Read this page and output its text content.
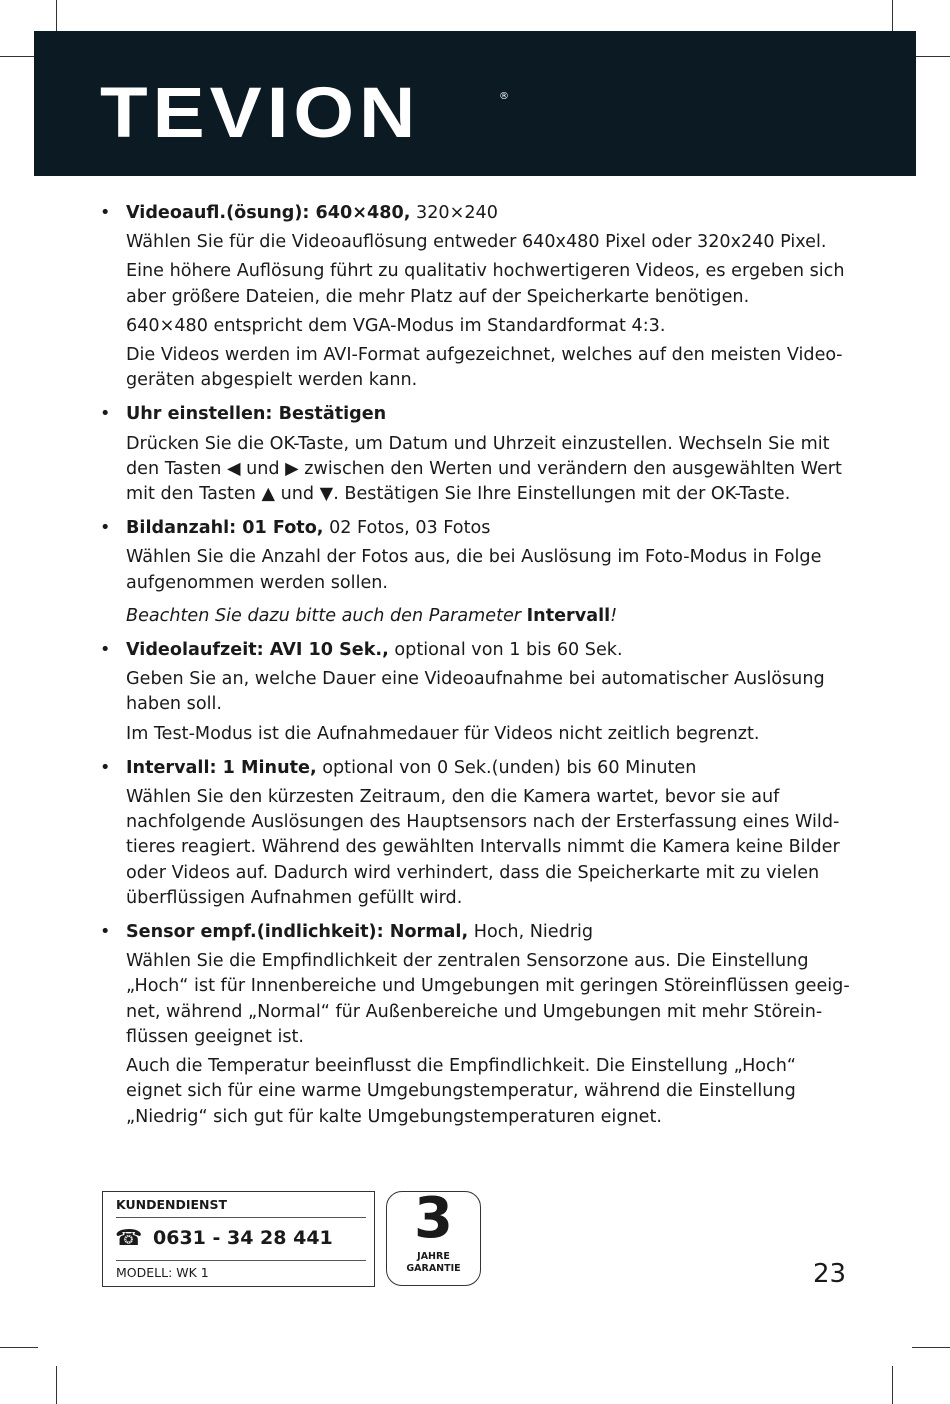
TEVION	®
• Videoaufl.(ösung): 640×480, 320×240

Wählen Sie für die Videoauflösung entweder 640x480 Pixel oder 320x240 Pixel.

Eine höhere Auflösung führt zu qualitativ hochwertigeren Videos, es ergeben sich aber größere Dateien, die mehr Platz auf der Speicherkarte benötigen.

640×480 entspricht dem VGA-Modus im Standardformat 4:3.

Die Videos werden im AVI-Format aufgezeichnet, welches auf den meisten Videogeräten abgespielt werden kann.

• Uhr einstellen: Bestätigen

Drücken Sie die OK-Taste, um Datum und Uhrzeit einzustellen. Wechseln Sie mit den Tasten ◀ und ▶ zwischen den Werten und verändern den ausgewählten Wert mit den Tasten ▲ und ▼. Bestätigen Sie Ihre Einstellungen mit der OK-Taste.

• Bildanzahl: 01 Foto, 02 Fotos, 03 Fotos

Wählen Sie die Anzahl der Fotos aus, die bei Auslösung im Foto-Modus in Folge aufgenommen werden sollen.

Beachten Sie dazu bitte auch den Parameter Intervall!

• Videolaufzeit: AVI 10 Sek., optional von 1 bis 60 Sek.

Geben Sie an, welche Dauer eine Videoaufnahme bei automatischer Auslösung haben soll.

Im Test-Modus ist die Aufnahmedauer für Videos nicht zeitlich begrenzt.

• Intervall: 1 Minute, optional von 0 Sek.(unden) bis 60 Minuten

Wählen Sie den kürzesten Zeitraum, den die Kamera wartet, bevor sie auf nachfolgende Auslösungen des Hauptsensors nach der Ersterfassung eines Wildtieres reagiert. Während des gewählten Intervalls nimmt die Kamera keine Bilder oder Videos auf. Dadurch wird verhindert, dass die Speicherkarte mit zu vielen überflüssigen Aufnahmen gefüllt wird.

• Sensor empf.(indlichkeit): Normal, Hoch, Niedrig

Wählen Sie die Empfindlichkeit der zentralen Sensorzone aus. Die Einstellung „Hoch“ ist für Innenbereiche und Umgebungen mit geringen Störeinflüssen geeignet, während „Normal“ für Außenbereiche und Umgebungen mit mehr Störeinflüssen geeignet ist.

Auch die Temperatur beeinflusst die Empfindlichkeit. Die Einstellung „Hoch“ eignet sich für eine warme Umgebungstemperatur, während die Einstellung „Niedrig“ sich gut für kalte Umgebungstemperaturen eignet.

KUNDENDIENST
☎ 0631 - 34 28 441
MODELL: WK 1
3
JAHRE
GARANTIE	23
